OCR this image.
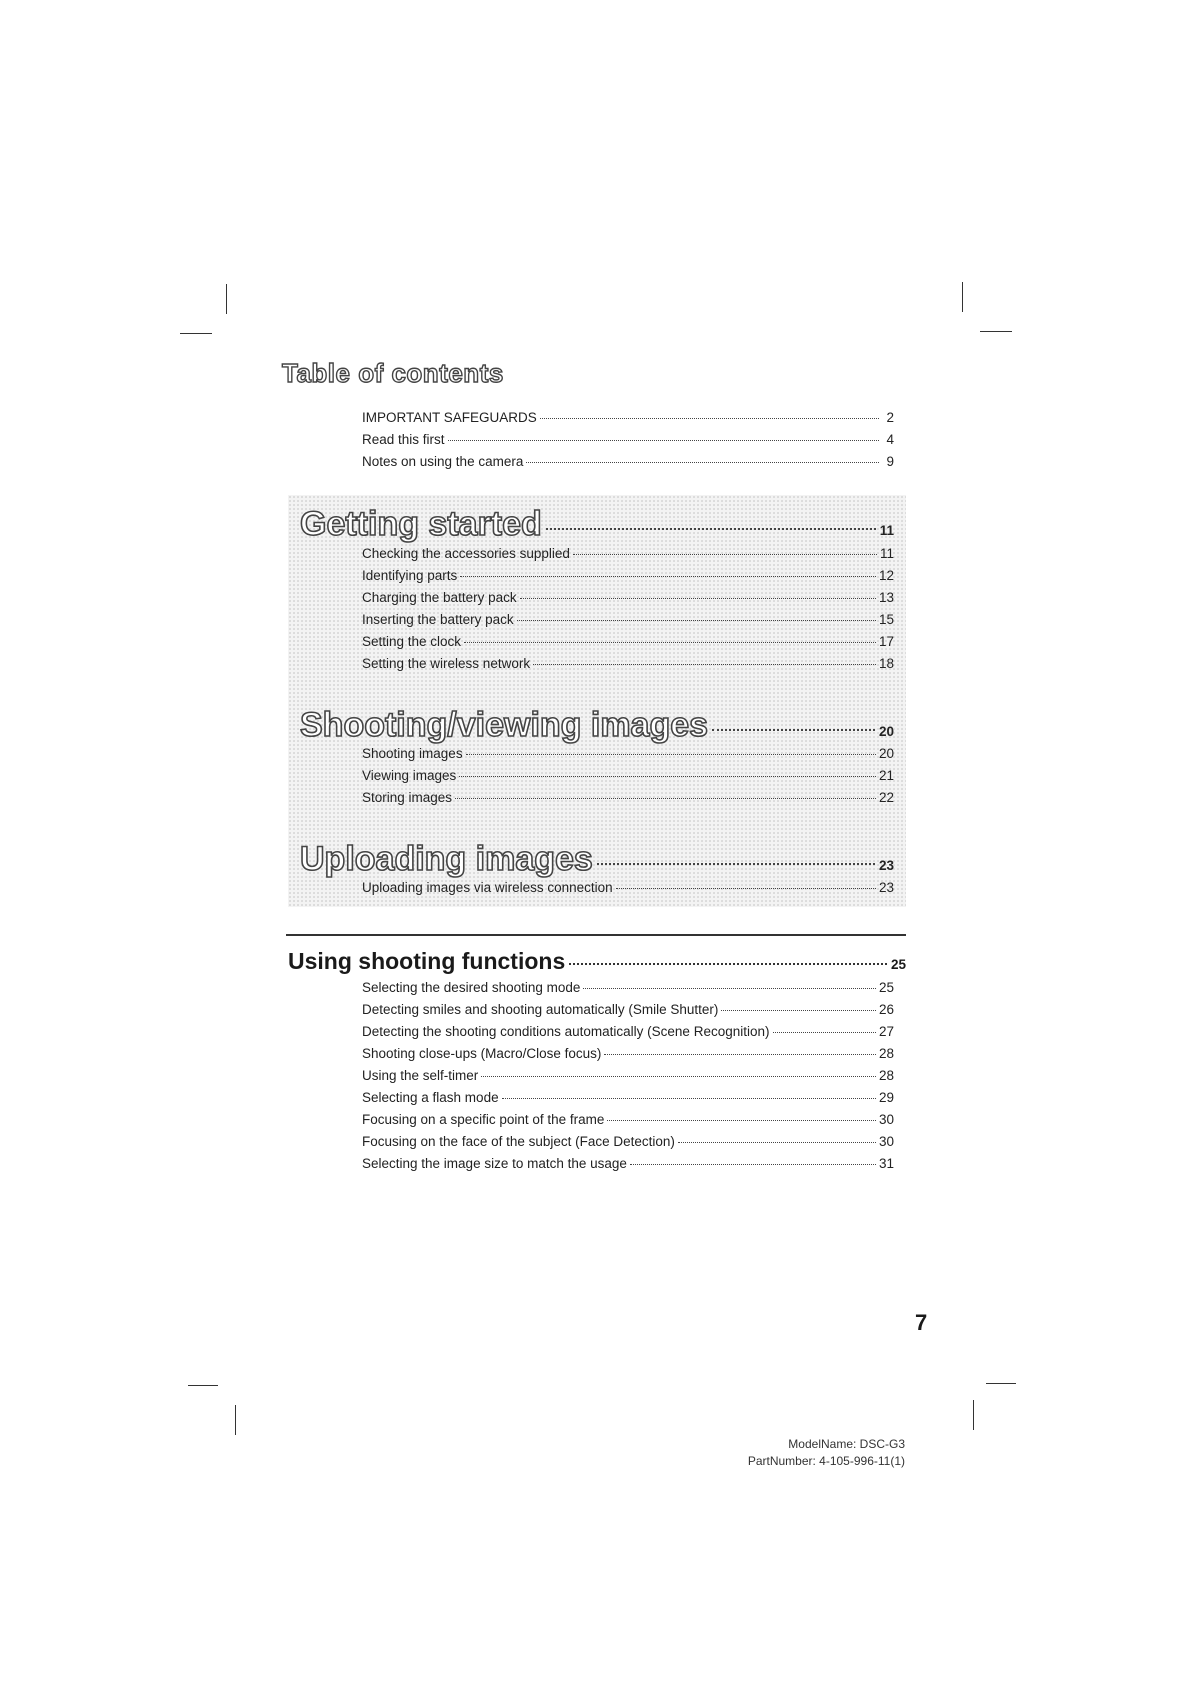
Table of contents
IMPORTANT SAFEGUARDS	2
Read this first	4
Notes on using the camera	9
Getting started	11
Checking the accessories supplied	11
Identifying parts	12
Charging the battery pack	13
Inserting the battery pack	15
Setting the clock	17
Setting the wireless network	18
Shooting/viewing images	20
Shooting images	20
Viewing images	21
Storing images	22
Uploading images	23
Uploading images via wireless connection	23
Using shooting functions	25
Selecting the desired shooting mode	25
Detecting smiles and shooting automatically (Smile Shutter)	26
Detecting the shooting conditions automatically (Scene Recognition)	27
Shooting close-ups (Macro/Close focus)	28
Using the self-timer	28
Selecting a flash mode	29
Focusing on a specific point of the frame	30
Focusing on the face of the subject (Face Detection)	30
Selecting the image size to match the usage	31
7
ModelName: DSC-G3
PartNumber: 4-105-996-11(1)
